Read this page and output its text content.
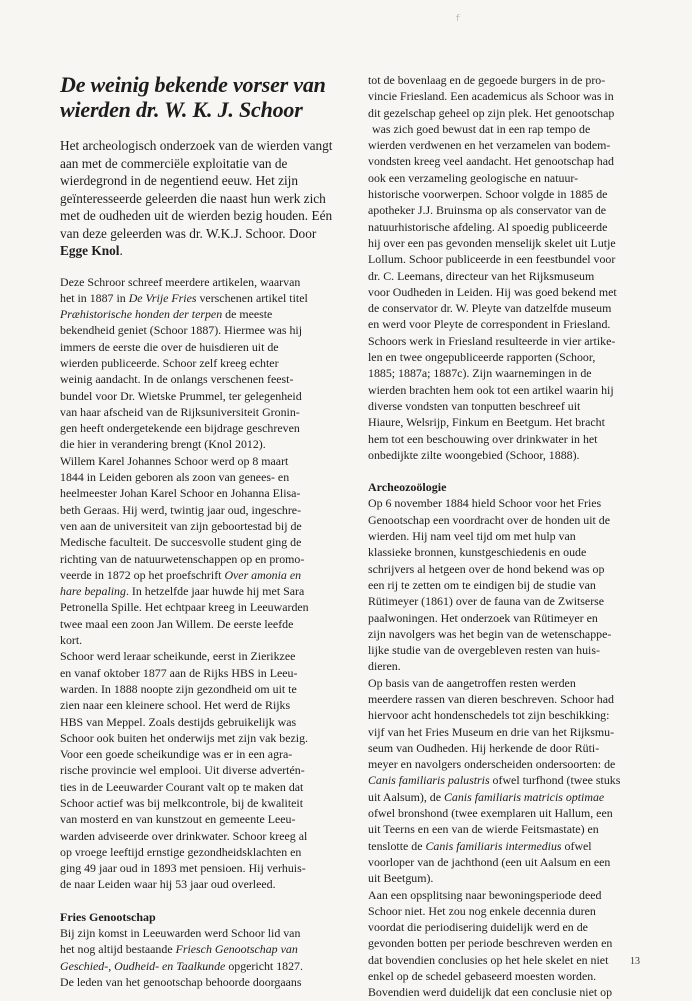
f
De weinig bekende vorser van
wierden dr. W. K. J. Schoor

Het archeologisch onderzoek van de wierden vangt aan met de commerciële exploitatie van de wierdegrond in de negentiend eeuw. Het zijn geïnteresseerde geleerden die naast hun werk zich met de oudheden uit de wierden bezig houden. Eén van deze geleerden was dr. W.K.J. Schoor. Door Egge Knol.

Deze Schroor schreef meerdere artikelen, waarvan
het in 1887 in De Vrije Fries verschenen artikel titel
Præhistorische honden der terpen de meeste
bekendheid geniet (Schoor 1887). Hiermee was hij
immers de eerste die over de huisdieren uit de
wierden publiceerde. Schoor zelf kreeg echter
weinig aandacht. In de onlangs verschenen feest-
bundel voor Dr. Wietske Prummel, ter gelegenheid
van haar afscheid van de Rijksuniversiteit Gronin-
gen heeft ondergetekende een bijdrage geschreven
die hier in verandering brengt (Knol 2012).

Willem Karel Johannes Schoor werd op 8 maart
1844 in Leiden geboren als zoon van genees- en
heelmeester Johan Karel Schoor en Johanna Elisa-
beth Geraas. Hij werd, twintig jaar oud, ingeschre-
ven aan de universiteit van zijn geboortestad bij de
Medische faculteit. De succesvolle student ging de
richting van de natuurwetenschappen op en promo-
veerde in 1872 op het proefschrift Over amonia en
hare bepaling. In hetzelfde jaar huwde hij met Sara
Petronella Spille. Het echtpaar kreeg in Leeuwarden
twee maal een zoon Jan Willem. De eerste leefde
kort.

Schoor werd leraar scheikunde, eerst in Zierikzee
en vanaf oktober 1877 aan de Rijks HBS in Leeu-
warden. In 1888 noopte zijn gezondheid om uit te
zien naar een kleinere school. Het werd de Rijks
HBS van Meppel. Zoals destijds gebruikelijk was
Schoor ook buiten het onderwijs met zijn vak bezig.
Voor een goede scheikundige was er in een agra-
rische provincie wel emplooi. Uit diverse advertén-
ties in de Leeuwarder Courant valt op te maken dat
Schoor actief was bij melkcontrole, bij de kwaliteit
van mosterd en van kunstzout en gemeente Leeu-
warden adviseerde over drinkwater. Schoor kreeg al
op vroege leeftijd ernstige gezondheidsklachten en
ging 49 jaar oud in 1893 met pensioen. Hij verhuis-
de naar Leiden waar hij 53 jaar oud overleed.

Fries Genootschap

Bij zijn komst in Leeuwarden werd Schoor lid van
het nog altijd bestaande Friesch Genootschap van
Geschied-, Oudheid- en Taalkunde opgericht 1827.
De leden van het genootschap behoorde doorgaans

tot de bovenlaag en de gegoede burgers in de pro-
vincie Friesland. Een academicus als Schoor was in
dit gezelschap geheel op zijn plek. Het genootschap
was zich goed bewust dat in een rap tempo de
wierden verdwenen en het verzamelen van bodem-
vondsten kreeg veel aandacht. Het genootschap had
ook een verzameling geologische en natuur-
historische voorwerpen. Schoor volgde in 1885 de
apotheker J.J. Bruinsma op als conservator van de
natuurhistorische afdeling. Al spoedig publiceerde
hij over een pas gevonden menselijk skelet uit Lutje
Lollum. Schoor publiceerde in een feestbundel voor
dr. C. Leemans, directeur van het Rijksmuseum
voor Oudheden in Leiden. Hij was goed bekend met
de conservator dr. W. Pleyte van datzelfde museum
en werd voor Pleyte de correspondent in Friesland.
Schoors werk in Friesland resulteerde in vier artike-
len en twee ongepubliceerde rapporten (Schoor,
1885; 1887a; 1887c). Zijn waarnemingen in de
wierden brachten hem ook tot een artikel waarin hij
diverse vondsten van tonputten beschreef uit
Hiaure, Welsrijp, Finkum en Beetgum. Het bracht
hem tot een beschouwing over drinkwater in het
onbedijkte zilte woongebied (Schoor, 1888).

Archeozoölogie

Op 6 november 1884 hield Schoor voor het Fries
Genootschap een voordracht over de honden uit de
wierden. Hij nam veel tijd om met hulp van
klassieke bronnen, kunstgeschiedenis en oude
schrijvers al hetgeen over de hond bekend was op
een rij te zetten om te eindigen bij de studie van
Rütimeyer (1861) over de fauna van de Zwitserse
paalwoningen. Het onderzoek van Rütimeyer en
zijn navolgers was het begin van de wetenschappe-
lijke studie van de overgebleven resten van huis-
dieren.

Op basis van de aangetroffen resten werden
meerdere rassen van dieren beschreven. Schoor had
hiervoor acht hondenschedels tot zijn beschikking:
vijf van het Fries Museum en drie van het Rijksmu-
seum van Oudheden. Hij herkende de door Rüti-
meyer en navolgers onderscheiden ondersoorten: de
Canis familiaris palustris ofwel turfhond (twee stuks
uit Aalsum), de Canis familiaris matricis optimae
ofwel bronshond (twee exemplaren uit Hallum, een
uit Teerns en een van de wierde Feitsmastate) en
tenslotte de Canis familiaris intermedius ofwel
voorloper van de jachthond (een uit Aalsum en een
uit Beetgum).

Aan een opsplitsing naar bewoningsperiode deed
Schoor niet. Het zou nog enkele decennia duren
voordat die periodisering duidelijk werd en de
gevonden botten per periode beschreven werden en
dat bovendien conclusies op het hele skelet en niet
enkel op de schedel gebaseerd moesten worden.
Bovendien werd duidelijk dat een conclusie niet op

13
